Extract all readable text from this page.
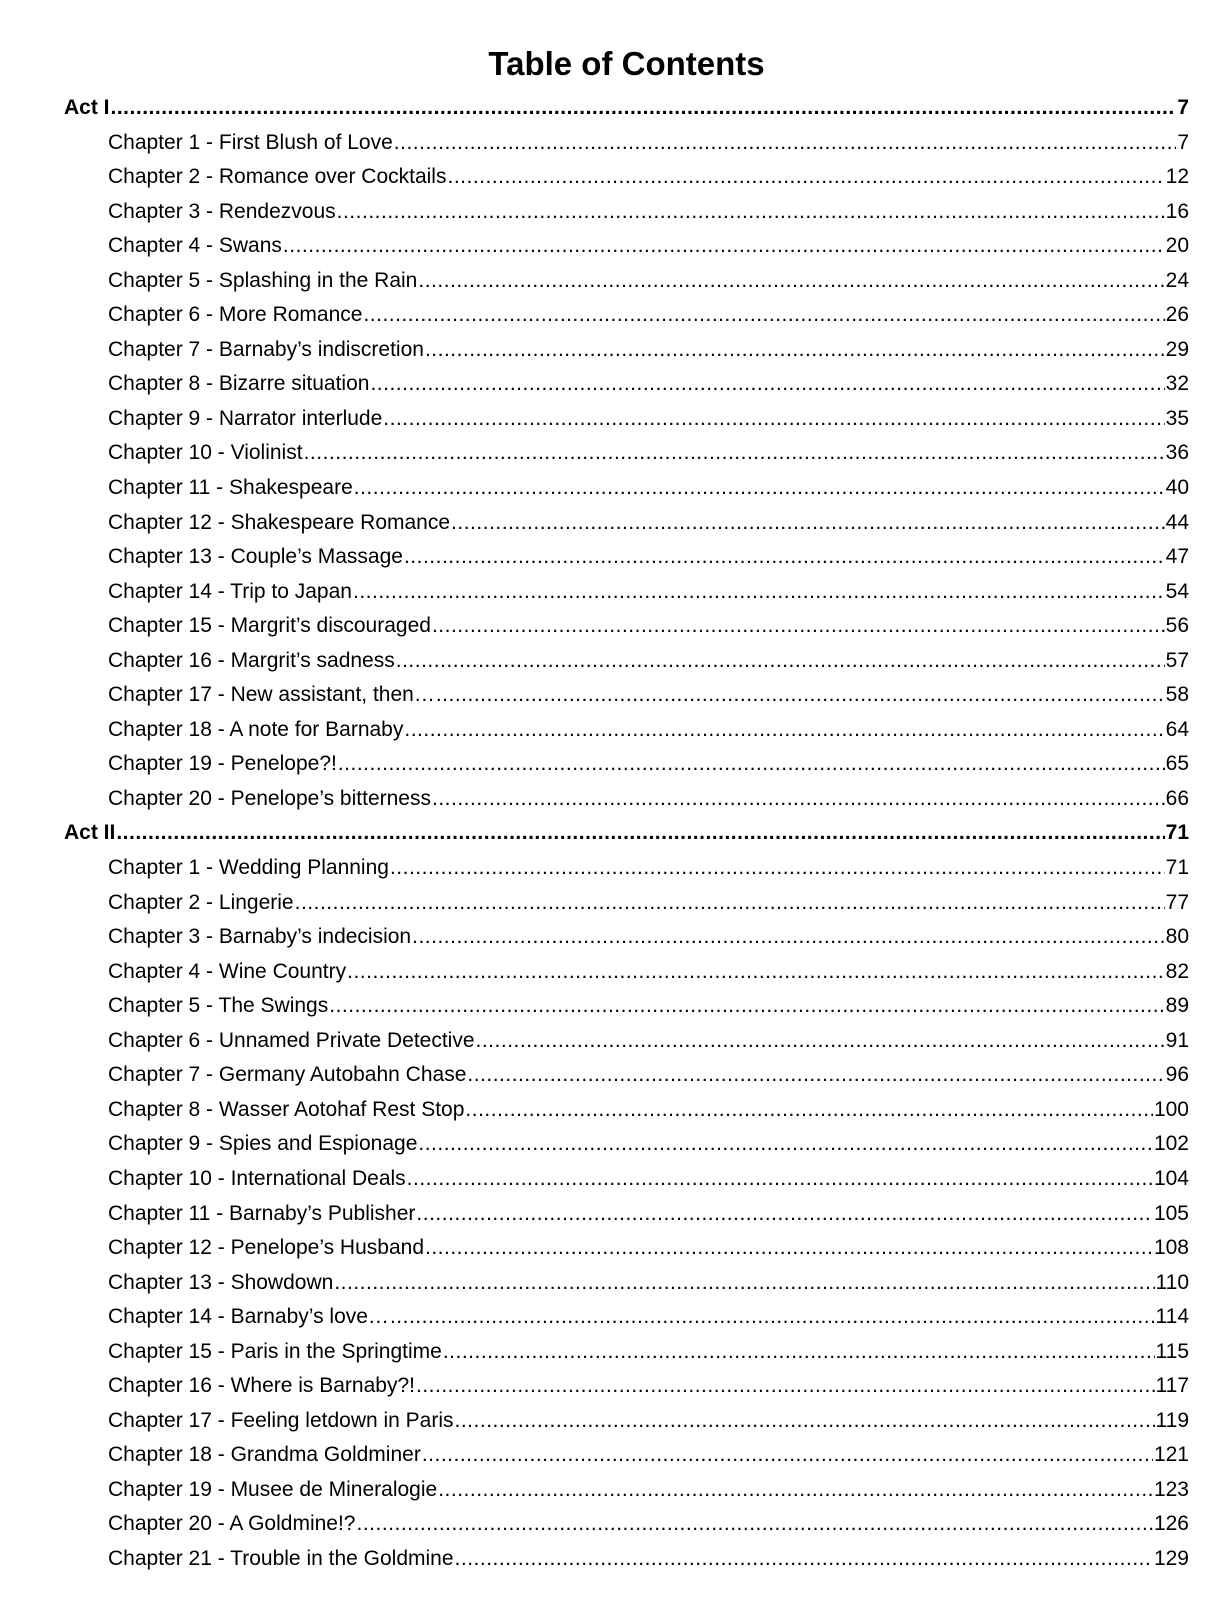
Table of Contents
Act I .....	7
Chapter 1 - First Blush of Love .....	7
Chapter 2 - Romance over Cocktails .....	12
Chapter 3 - Rendezvous .....	16
Chapter 4 - Swans .....	20
Chapter 5 - Splashing in the Rain .....	24
Chapter 6 - More Romance .....	26
Chapter 7 - Barnaby’s indiscretion .....	29
Chapter 8 - Bizarre situation .....	32
Chapter 9 - Narrator interlude .....	35
Chapter 10 - Violinist .....	36
Chapter 11 - Shakespeare .....	40
Chapter 12 - Shakespeare Romance .....	44
Chapter 13 - Couple’s Massage .....	47
Chapter 14 - Trip to Japan .....	54
Chapter 15 - Margrit’s discouraged .....	56
Chapter 16 - Margrit’s sadness .....	57
Chapter 17 - New assistant, then… .....	58
Chapter 18 - A note for Barnaby .....	64
Chapter 19 - Penelope?! .....	65
Chapter 20 - Penelope’s bitterness .....	66
Act II .....	71
Chapter 1 - Wedding Planning .....	71
Chapter 2 - Lingerie .....	77
Chapter 3 - Barnaby’s indecision .....	80
Chapter 4 - Wine Country .....	82
Chapter 5 - The Swings .....	89
Chapter 6 - Unnamed Private Detective .....	91
Chapter 7 - Germany Autobahn Chase .....	96
Chapter 8 - Wasser Aotohaf Rest Stop .....	100
Chapter 9 - Spies and Espionage .....	102
Chapter 10 - International Deals .....	104
Chapter 11 - Barnaby’s Publisher .....	105
Chapter 12 - Penelope’s Husband .....	108
Chapter 13 - Showdown .....	110
Chapter 14 - Barnaby’s love… .....	114
Chapter 15 - Paris in the Springtime .....	115
Chapter 16 - Where is Barnaby?! .....	117
Chapter 17 - Feeling letdown in Paris .....	119
Chapter 18 - Grandma Goldminer .....	121
Chapter 19 - Musee de Mineralogie .....	123
Chapter 20 - A Goldmine!? .....	126
Chapter 21 - Trouble in the Goldmine .....	129
